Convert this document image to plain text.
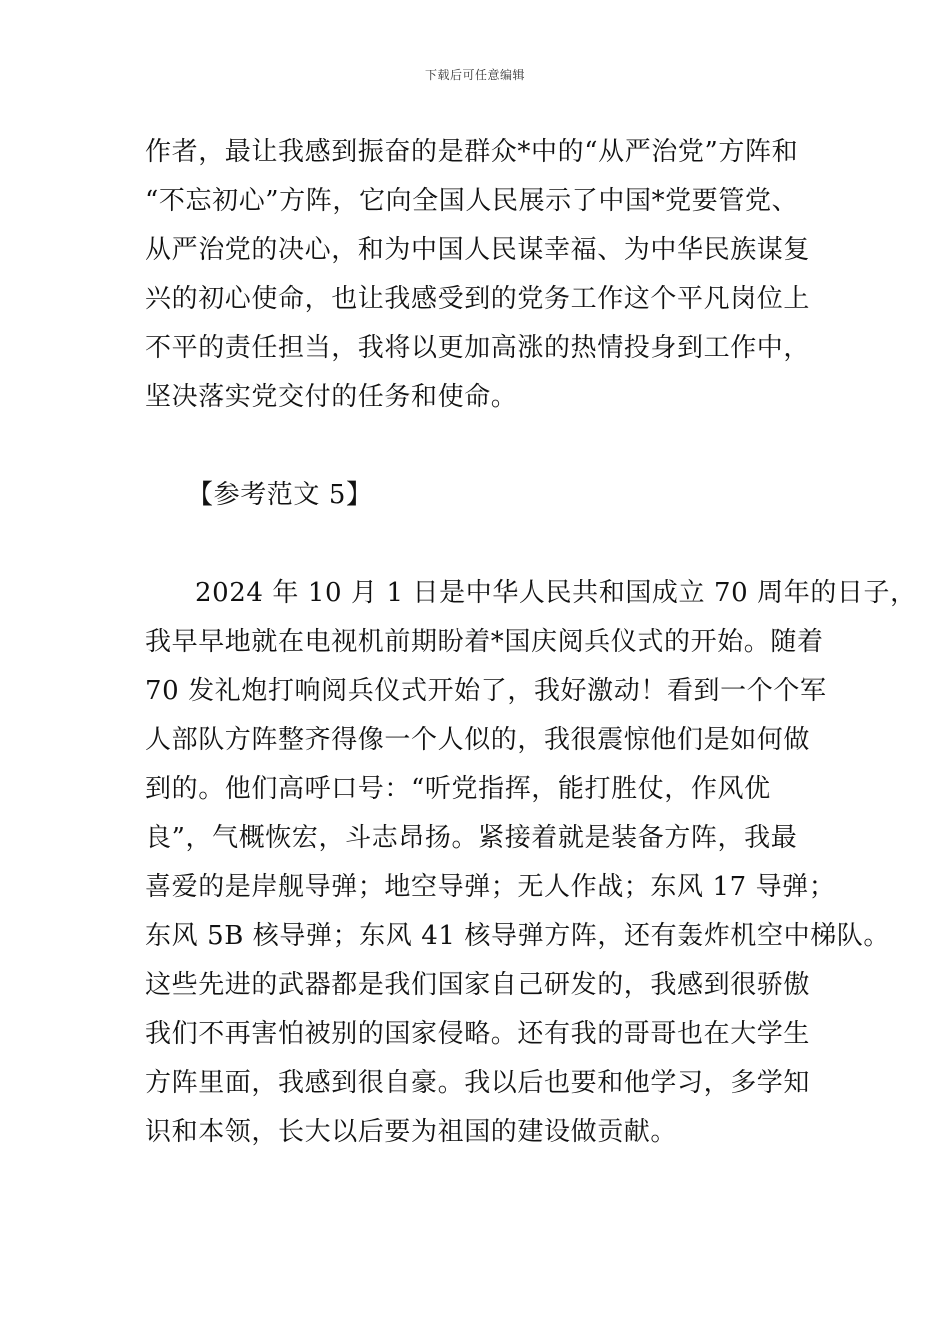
下载后可任意编辑
作者，最让我感到振奋的是群众*中的“从严治党”方阵和
“不忘初心”方阵，它向全国人民展示了中国*党要管党、
从严治党的决心，和为中国人民谋幸福、为中华民族谋复
兴的初心使命，也让我感受到的党务工作这个平凡岗位上
不平的责任担当，我将以更加高涨的热情投身到工作中，
坚决落实党交付的任务和使命。
【参考范文 5】
2024 年 10 月 1 日是中华人民共和国成立 70 周年的日子，
我早早地就在电视机前期盼着*国庆阅兵仪式的开始。随着
70 发礼炮打响阅兵仪式开始了，我好激动！看到一个个军
人部队方阵整齐得像一个人似的，我很震惊他们是如何做
到的。他们高呼口号：“听党指挥，能打胜仗，作风优
良”，气概恢宏，斗志昂扬。紧接着就是装备方阵，我最
喜爱的是岸舰导弹；地空导弹；无人作战；东风 17 导弹；
东风 5B 核导弹；东风 41 核导弹方阵，还有轰炸机空中梯队。
这些先进的武器都是我们国家自己研发的，我感到很骄傲
我们不再害怕被别的国家侵略。还有我的哥哥也在大学生
方阵里面，我感到很自豪。我以后也要和他学习，多学知
识和本领，长大以后要为祖国的建设做贡献。
